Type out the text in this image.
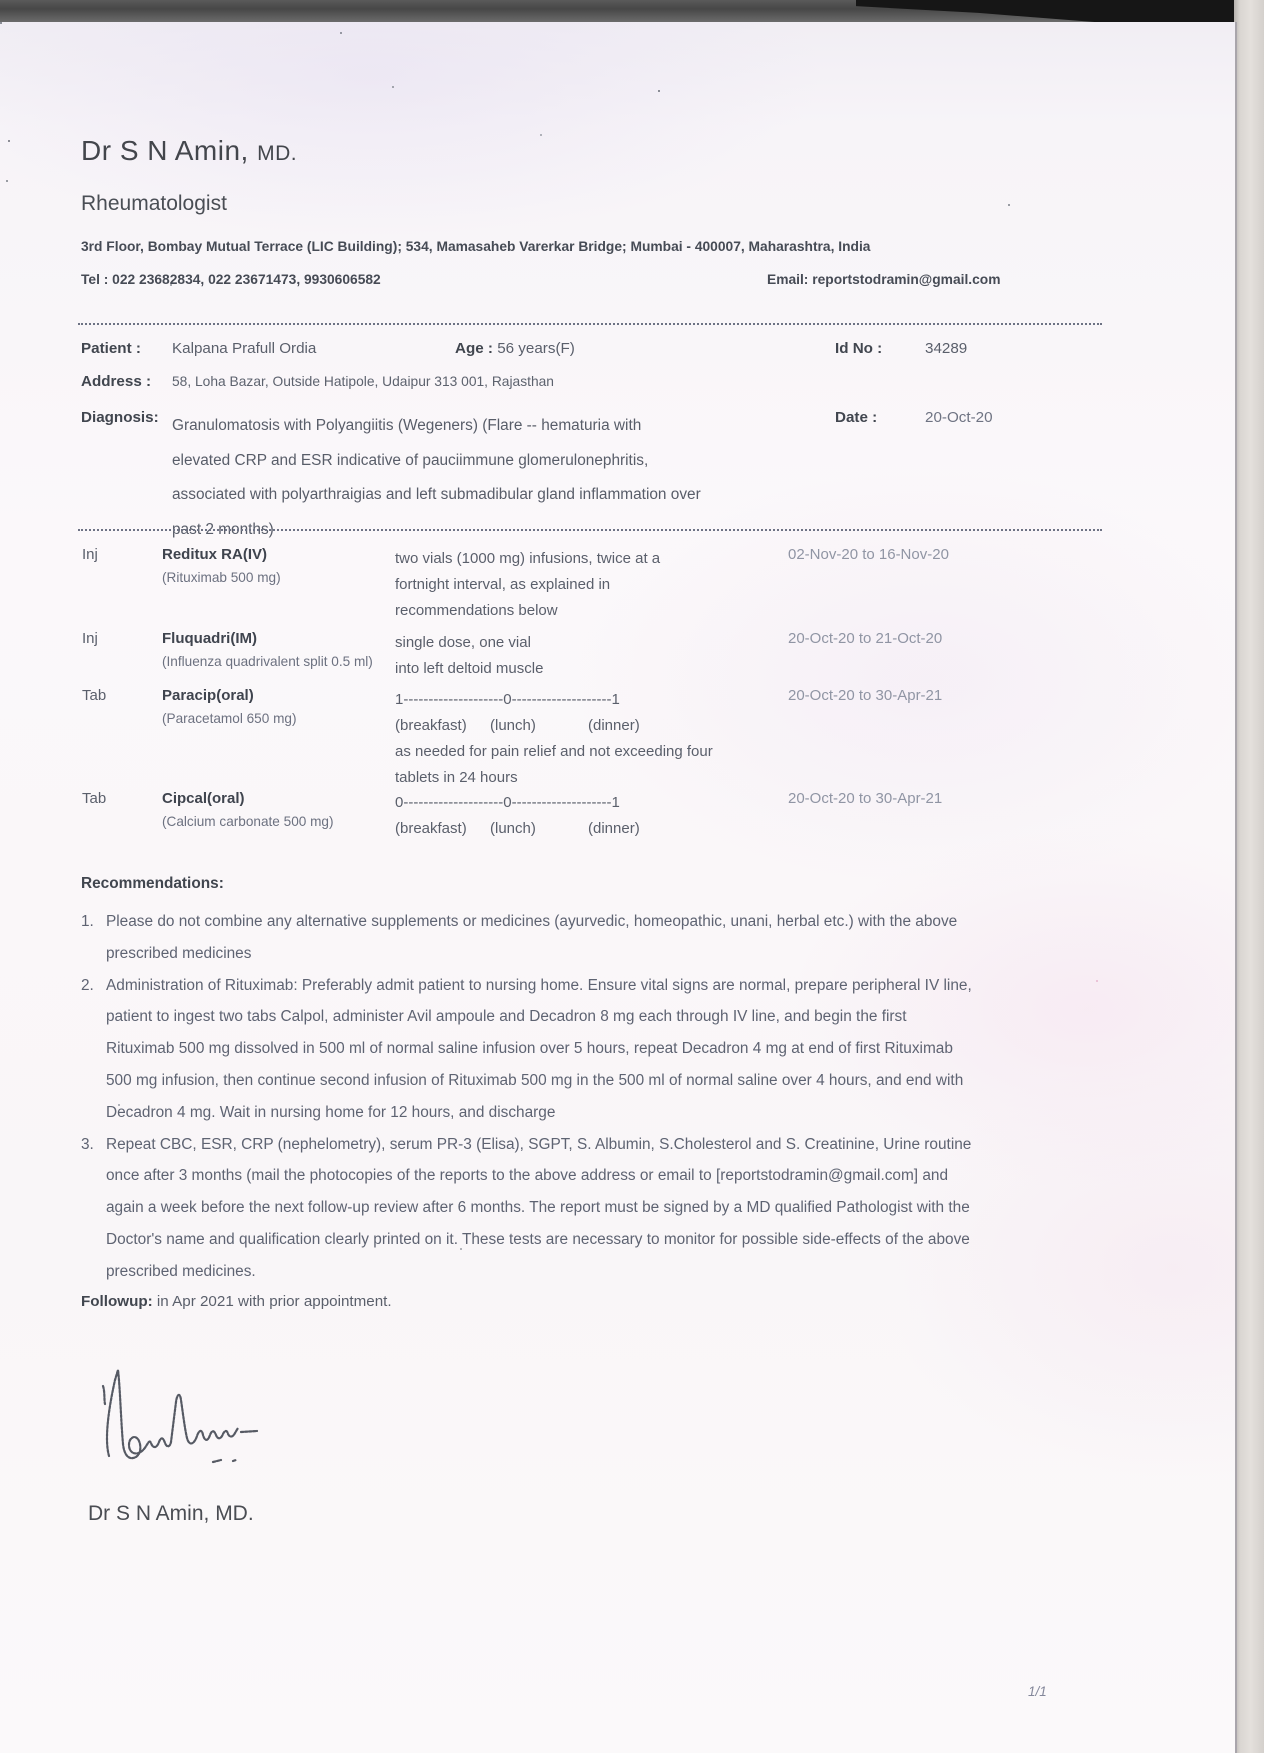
Dr S N Amin, MD.
Rheumatologist
3rd Floor, Bombay Mutual Terrace (LIC Building); 534, Mamasaheb Varerkar Bridge; Mumbai - 400007, Maharashtra, India
Tel : 022 23682834, 022 23671473, 9930606582	Email: reportstodramin@gmail.com
Patient : Kalpana Prafull Ordia	Age : 56 years(F)	Id No :	34289
Address : 58, Loha Bazar, Outside Hatipole, Udaipur 313 001, Rajasthan
Diagnosis: Granulomatosis with Polyangiitis (Wegeners) (Flare -- hematuria with
elevated CRP and ESR indicative of pauciimmune glomerulonephritis,
associated with polyarthraigias and left submadibular gland inflammation over
past 2 months)
Date :	20-Oct-20
Inj	Reditux RA(IV)
(Rituximab 500 mg)
two vials (1000 mg) infusions, twice at a
fortnight interval, as explained in
recommendations below
02-Nov-20 to 16-Nov-20
Inj	Fluquadri(IM)
(Influenza quadrivalent split 0.5 ml)
single dose, one vial
into left deltoid muscle
20-Oct-20 to 21-Oct-20
Tab	Paracip(oral)
(Paracetamol 650 mg)
1--------------------0--------------------1
(breakfast) (lunch)	(dinner)
as needed for pain relief and not exceeding four
tablets in 24 hours
20-Oct-20 to 30-Apr-21
Tab	Cipcal(oral)
(Calcium carbonate 500 mg)
0--------------------0--------------------1
(breakfast) (lunch)	(dinner)
20-Oct-20 to 30-Apr-21
Recommendations:
1. Please do not combine any alternative supplements or medicines (ayurvedic, homeopathic, unani, herbal etc.) with the above
prescribed medicines
2. Administration of Rituximab: Preferably admit patient to nursing home. Ensure vital signs are normal, prepare peripheral IV line,
patient to ingest two tabs Calpol, administer Avil ampoule and Decadron 8 mg each through IV line, and begin the first
Rituximab 500 mg dissolved in 500 ml of normal saline infusion over 5 hours, repeat Decadron 4 mg at end of first Rituximab
500 mg infusion, then continue second infusion of Rituximab 500 mg in the 500 ml of normal saline over 4 hours, and end with
Decadron 4 mg. Wait in nursing home for 12 hours, and discharge
3. Repeat CBC, ESR, CRP (nephelometry), serum PR-3 (Elisa), SGPT, S. Albumin, S.Cholesterol and S. Creatinine, Urine routine
once after 3 months (mail the photocopies of the reports to the above address or email to [reportstodramin@gmail.com] and
again a week before the next follow-up review after 6 months. The report must be signed by a MD qualified Pathologist with the
Doctor's name and qualification clearly printed on it. These tests are necessary to monitor for possible side-effects of the above
prescribed medicines.
Followup: in Apr 2021 with prior appointment.
Dr S N Amin, MD.
1/1
